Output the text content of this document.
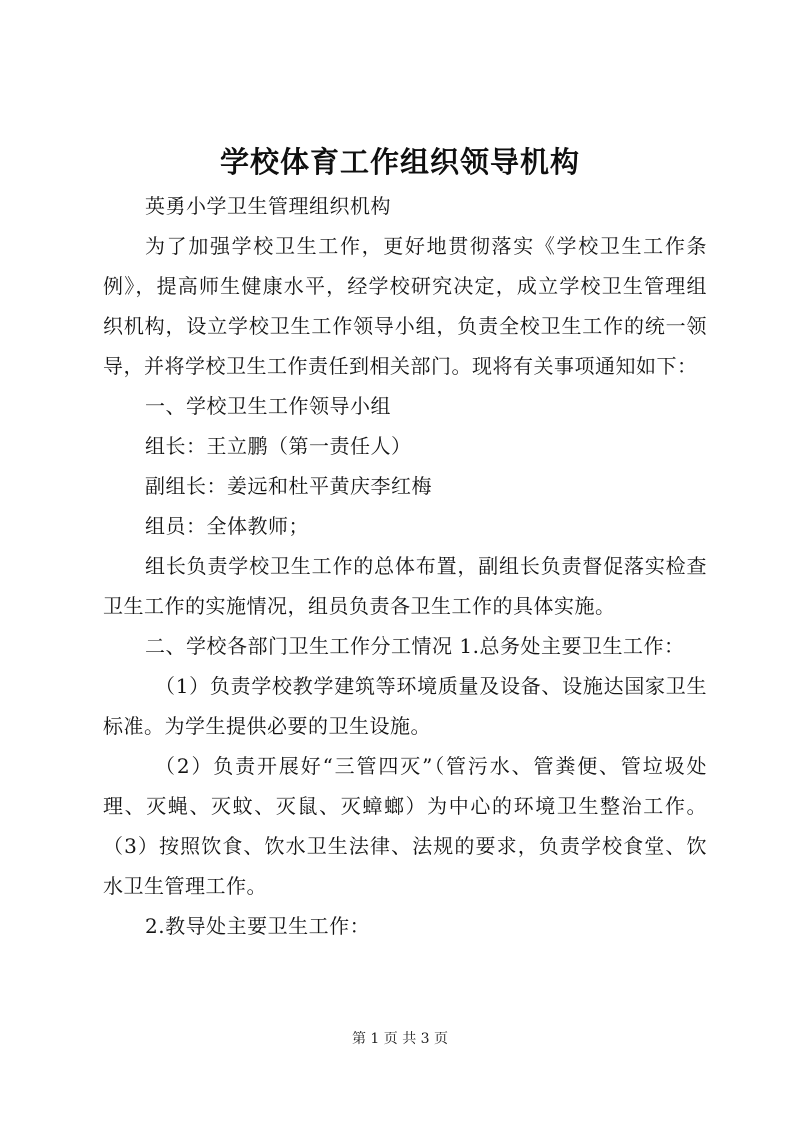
学校体育工作组织领导机构

英勇小学卫生管理组织机构

为了加强学校卫生工作，更好地贯彻落实《学校卫生工作条例》，提高师生健康水平，经学校研究决定，成立学校卫生管理组织机构，设立学校卫生工作领导小组，负责全校卫生工作的统一领导，并将学校卫生工作责任到相关部门。现将有关事项通知如下：

一、学校卫生工作领导小组

组长：王立鹏（第一责任人）

副组长：姜远和杜平黄庆李红梅

组员：全体教师；

组长负责学校卫生工作的总体布置，副组长负责督促落实检查卫生工作的实施情况，组员负责各卫生工作的具体实施。

二、学校各部门卫生工作分工情况 1.总务处主要卫生工作：

（1）负责学校教学建筑等环境质量及设备、设施达国家卫生标准。为学生提供必要的卫生设施。

（2）负责开展好“三管四灭”（管污水、管粪便、管垃圾处理、灭蝇、灭蚊、灭鼠、灭蟑螂）为中心的环境卫生整治工作。（3）按照饮食、饮水卫生法律、法规的要求，负责学校食堂、饮水卫生管理工作。

2.教导处主要卫生工作：

第 1 页 共 3 页
